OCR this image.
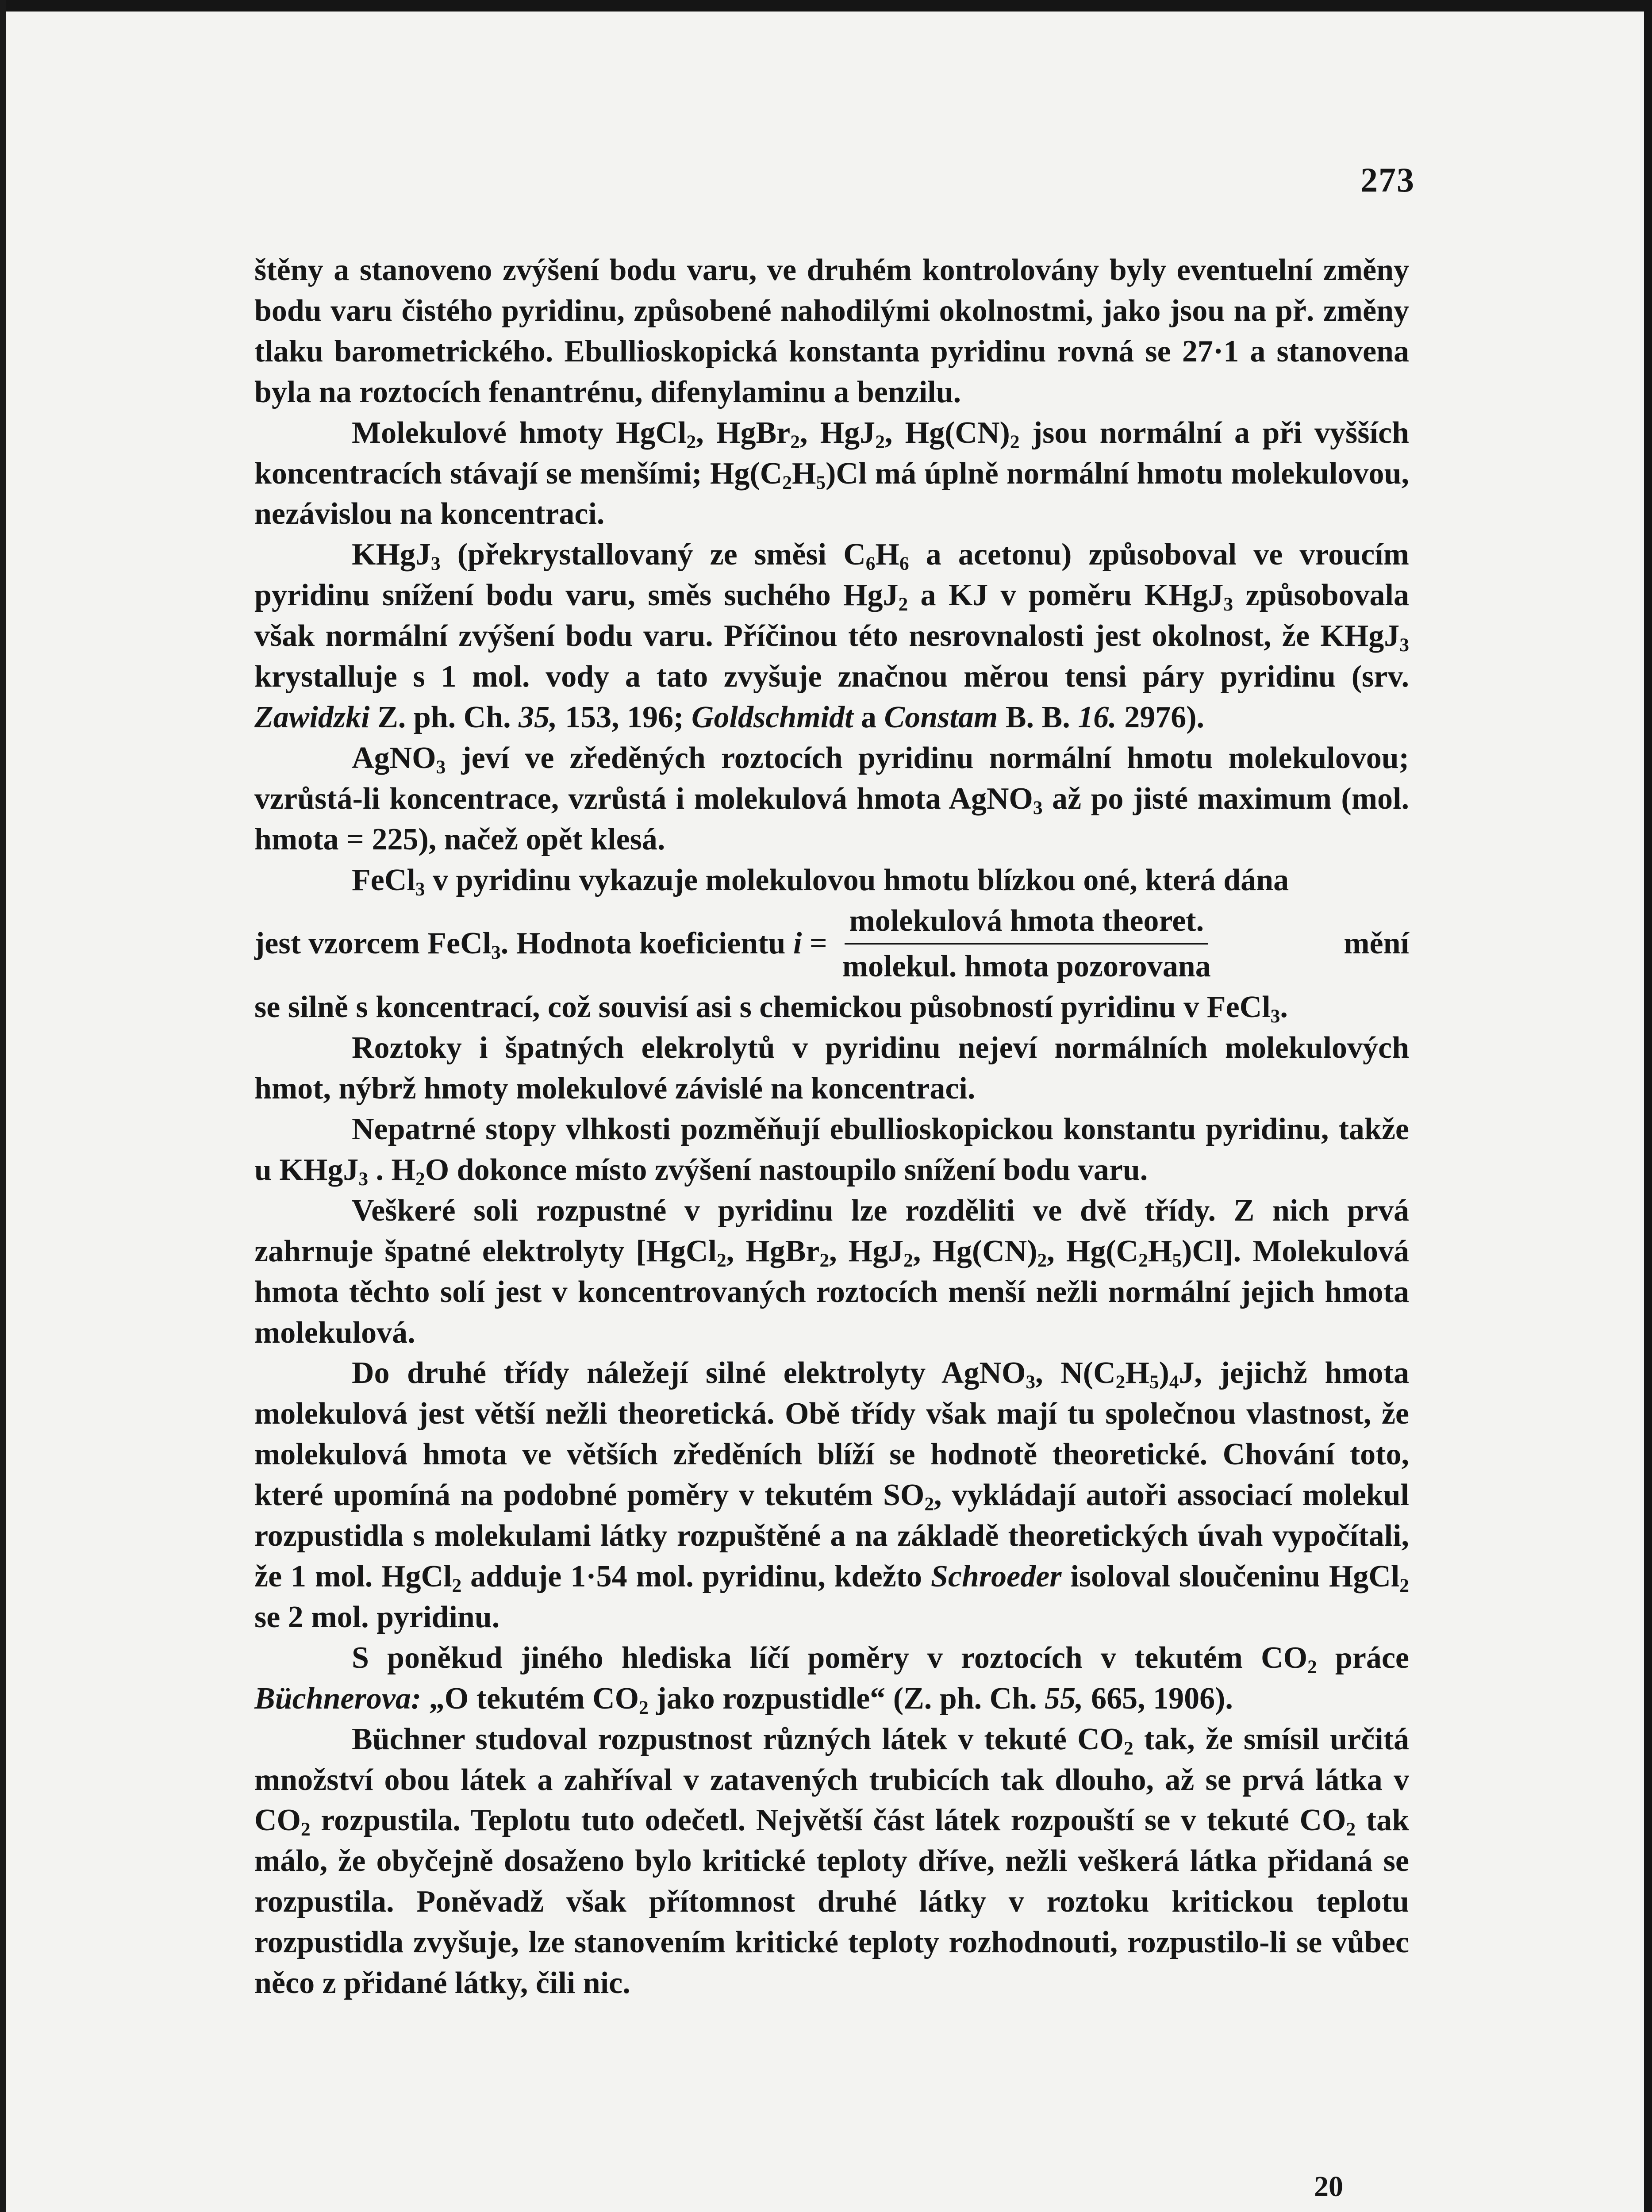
273

štěny a stanoveno zvýšení bodu varu, ve druhém kontrolovány byly eventuelní změny bodu varu čistého pyridinu, způsobené nahodilými okolnostmi, jako jsou na př. změny tlaku barometrického. Ebullioskopická konstanta pyridinu rovná se 27·1 a stanovena byla na roztocích fenantrénu, difenylaminu a benzilu.

Molekulové hmoty HgCl$_2$, HgBr$_2$, HgJ$_2$, $Hg(CN)_2$ jsou normální a při vyšších koncentracích stávají se menšími; $Hg(C_2H_5)Cl$ má úplně normální hmotu molekulovou, nezávislou na koncentraci.

KHgJ$_3$ (překrystallovaný ze směsi $C_6H_6$ a acetonu) způsoboval ve vroucím pyridinu snížení bodu varu, směs suchého HgJ$_2$ a KJ v poměru KHgJ$_3$ způsobovala však normální zvýšení bodu varu. Příčinou této nesrovnalosti jest okolnost, že KHgJ$_3$ krystalluje s 1 mol. vody a tato zvyšuje značnou měrou tensi páry pyridinu (srv. Zawidzki Z. ph. Ch. 35, 153, 196; Goldschmidt a Constam B. B. 16. 2976).

AgNO$_3$ jeví ve zředěných roztocích pyridinu normální hmotu molekulovou; vzrůstá-li koncentrace, vzrůstá i molekulová hmota AgNO$_3$ až po jisté maximum (mol. hmota = 225), načež opět klesá.

FeCl$_3$ v pyridinu vykazuje molekulovou hmotu blízkou oné, která dána

jest vzorcem FeCl$_3$. Hodnota koeficientu $i = \frac{\text{molekulová hmota theoret.}}{\text{molekul. hmota pozorovana}}$	mění

se silně s koncentrací, což souvisí asi s chemickou působností pyridinu v FeCl$_3$.

Roztoky i špatných elekrolytů v pyridinu nejeví normálních molekulových hmot, nýbrž hmoty molekulové závislé na koncentraci.

Nepatrné stopy vlhkosti pozměňují ebullioskopickou konstantu pyridinu, takže u KHgJ$_3$ . $H_2O$ dokonce místo zvýšení nastoupilo snížení bodu varu.

Veškeré soli rozpustné v pyridinu lze rozděliti ve dvě třídy. Z nich prvá zahrnuje špatné elektrolyty [HgCl$_2$, HgBr$_2$, HgJ$_2$, $Hg(CN)_2$, $Hg(C_2H_5)Cl$]. Molekulová hmota těchto solí jest v koncentrovaných roztocích menší nežli normální jejich hmota molekulová.

Do druhé třídy náležejí silné elektrolyty AgNO$_3$, $N(C_2H_5)_4J$, jejichž hmota molekulová jest větší nežli theoretická. Obě třídy však mají tu společnou vlastnost, že molekulová hmota ve větších zředěních blíží se hodnotě theoretické. Chování toto, které upomíná na podobné poměry v tekutém $SO_2$, vykládají autoři associací molekul rozpustidla s molekulami látky rozpuštěné a na základě theoretických úvah vypočítali, že 1 mol. HgCl$_2$ adduje 1·54 mol. pyridinu, kdežto Schroeder isoloval sloučeninu HgCl$_2$ se 2 mol. pyridinu.

S poněkud jiného hlediska líčí poměry v roztocích v tekutém $CO_2$ práce Büchnerova: „O tekutém $CO_2$ jako rozpustidle“ (Z. ph. Ch. 55, 665, 1906).

Büchner studoval rozpustnost různých látek v tekuté $CO_2$ tak, že smísil určitá množství obou látek a zahříval v zatavených trubicích tak dlouho, až se prvá látka v $CO_2$ rozpustila. Teplotu tuto odečetl. Největší část látek rozpouští se v tekuté $CO_2$ tak málo, že obyčejně dosaženo bylo kritické teploty dříve, nežli veškerá látka přidaná se rozpustila. Poněvadž však přítomnost druhé látky v roztoku kritickou teplotu rozpustidla zvyšuje, lze stanovením kritické teploty rozhodnouti, rozpustilo-li se vůbec něco z přidané látky, čili nic.

20
